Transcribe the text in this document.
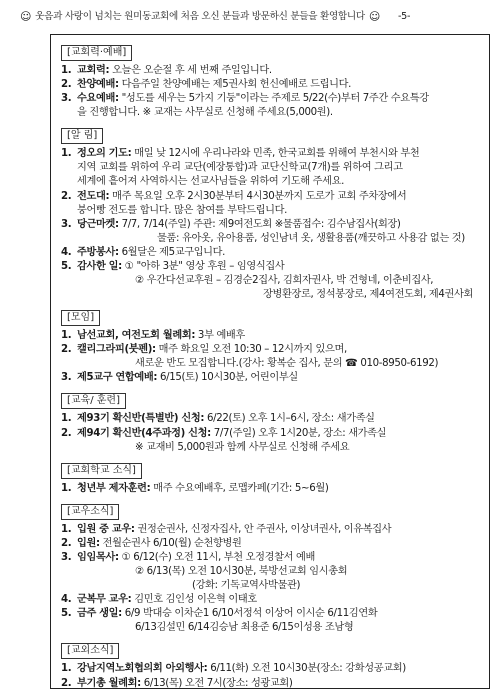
☺ 웃음과 사랑이 넘치는 원미동교회에 처음 오신 분들과 방문하신 분들을 환영합니다 ☺ -5-
[교회력·예배]
1. 교회력: 오늘은 오순절 후 세 번째 주일입니다.
2. 찬양예배: 다음주일 찬양예배는 제5권사회 헌신예배로 드립니다.
3. 수요예배: "성도를 세우는 5가지 기둥"이라는 주제로 5/22(수)부터 7주간 수요특강
을 진행합니다. ※ 교재는 사무실로 신청해 주세요(5,000원).
[알 림]
1. 정오의 기도: 매일 낮 12시에 우리나라와 민족, 한국교회를 위해여 부천시와 부천
지역 교회를 위하여 우리 교단(예장통합)과 교단신학교(7개)를 위하여 그리고
세계에 흩어져 사역하시는 선교사님들을 위하여 기도해 주세요.
2. 전도대: 매주 목요일 오후 2시30분부터 4시30분까지 도로가 교회 주차장에서
붕어빵 전도를 합니다. 많은 참여를 부탁드립니다.
3. 당근마켓: 7/7, 7/14(주일) 주관: 제9여전도회 ※물품접수: 김수남집사(회장)
물품: 유아옷, 유아용품, 성인남녀 옷, 생활용품(깨끗하고 사용감 없는 것)
4. 주방봉사: 6월달은 제5교구입니다.
5. 감사한 일: ① "아하 3분" 영상 후원 – 임영식집사
② 우간다선교후원 – 김경순2집사, 김희자권사, 박 건형네, 이춘비집사,
장병환장로, 정석봉장로, 제4여전도회, 제4권사회
[모임]
1. 남선교회, 여전도회 월례회: 3부 예배후
2. 캘리그라피(붓펜): 매주 화요일 오전 10:30 – 12시까지 있으며,
새로운 반도 모집합니다.(강사: 황복순 집사, 문의 ☎ 010-8950-6192)
3. 제5교구 연합예배: 6/15(토) 10시30분, 어린이부실
[교육/ 훈련]
1. 제93기 확신반(특별반) 신청: 6/22(토) 오후 1시–6시, 장소: 새가족실
2. 제94기 확신반(4주과정) 신청: 7/7(주일) 오후 1시20분, 장소: 새가족실
※ 교재비 5,000원과 함께 사무실로 신청해 주세요
[교회학교 소식]
1. 청년부 제자훈련: 매주 수요예배후, 로맵카페(기간: 5~6월)
[교우소식]
1. 입원 중 교우: 권정순권사, 신정자집사, 안 주권사, 이상녀권사, 이유복집사
2. 입원: 전월순권사 6/10(월) 순천향병원
3. 임임목사: ① 6/12(수) 오전 11시, 부천 오정경찰서 예배
② 6/13(목) 오전 10시30분, 북방선교회 임시총회
(강화: 기독교역사박물관)
4. 군복무 교우: 김민호 김인성 이은혁 이태호
5. 금주 생일: 6/9 박대승 이차순1 6/10서정석 이상어 이시순 6/11김연화
6/13김설민 6/14김승남 최용준 6/15이성용 조남형
[교외소식]
1. 강남지역노회협의회 아외행사: 6/11(화) 오전 10시30분(장소: 강화성공교회)
2. 부기총 월례회: 6/13(목) 오전 7시(장소: 성광교회)
